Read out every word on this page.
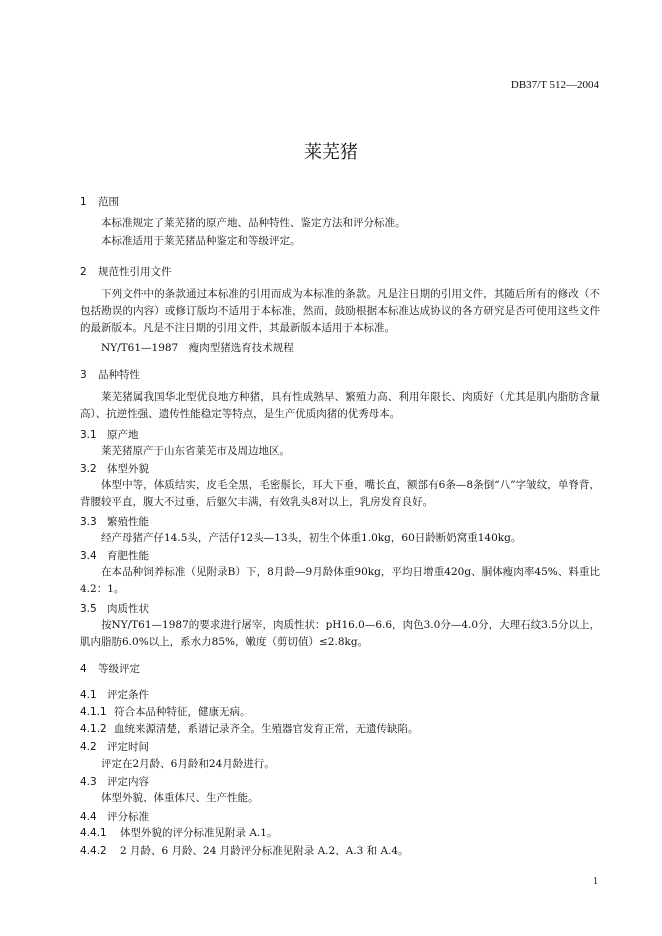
DB37/T 512—2004
莱芜猪
1 范围
本标准规定了莱芜猪的原产地、品种特性、鉴定方法和评分标准。
本标准适用于莱芜猪品种鉴定和等级评定。
2 规范性引用文件
下列文件中的条款通过本标准的引用而成为本标准的条款。凡是注日期的引用文件，其随后所有的修改（不包括勘误的内容）或修订版均不适用于本标准，然而，鼓励根据本标准达成协议的各方研究是否可使用这些文件的最新版本。凡是不注日期的引用文件，其最新版本适用于本标准。
NY/T61—1987　瘦肉型猪选育技术规程
3 品种特性
莱芜猪属我国华北型优良地方种猪，具有性成熟早、繁殖力高、利用年限长、肉质好（尤其是肌内脂肪含量高）、抗逆性强、遗传性能稳定等特点，是生产优质肉猪的优秀母本。
3.1 原产地
莱芜猪原产于山东省莱芜市及周边地区。
3.2 体型外貌
体型中等，体质结实，皮毛全黑，毛密鬃长，耳大下垂，嘴长直，额部有6条—8条倒“八”字皱纹，单脊背，背腰较平直，腹大不过垂，后躯欠丰满，有效乳头8对以上，乳房发育良好。
3.3 繁殖性能
经产母猪产仔14.5头，产活仔12头—13头，初生个体重1.0kg，60日龄断奶窝重140kg。
3.4 育肥性能
在本品种饲养标准（见附录B）下，8月龄—9月龄体重90kg，平均日增重420g、胴体瘦肉率45%、料重比4.2：1。
3.5 肉质性状
按NY/T61—1987的要求进行屠宰，肉质性状：pH16.0—6.6，肉色3.0分—4.0分，大理石纹3.5分以上，肌内脂肪6.0%以上，系水力85%，嫩度（剪切值）≤2.8kg。
4 等级评定
4.1 评定条件
4.1.1 符合本品种特征，健康无病。
4.1.2 血统来源清楚，系谱记录齐全。生殖器官发育正常，无遗传缺陷。
4.2 评定时间
评定在2月龄、6月龄和24月龄进行。
4.3 评定内容
体型外貌、体重体尺、生产性能。
4.4 评分标准
4.4.1 体型外貌的评分标准见附录 A.1。
4.4.2 2 月龄、6 月龄、24 月龄评分标准见附录 A.2、A.3 和 A.4。
1
